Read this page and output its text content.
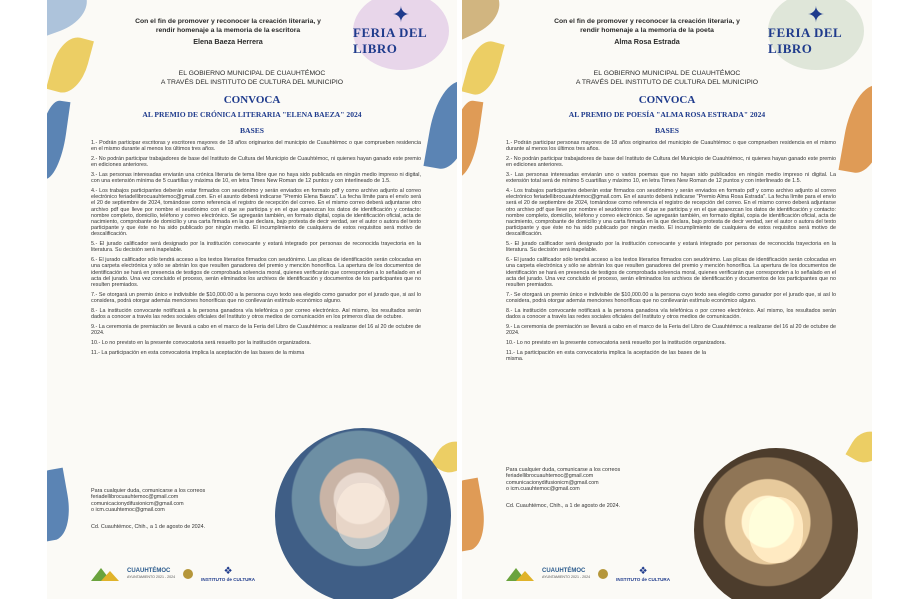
Con el fin de promover y reconocer la creación literaria, y rendir homenaje a la memoria de la escritora
Elena Baeza Herrera
✦
FERIA DEL LIBRO
EL GOBIERNO MUNICIPAL DE CUAUHTÉMOC
A TRAVÉS DEL INSTITUTO DE CULTURA DEL MUNICIPIO
CONVOCA
AL PREMIO DE CRÓNICA LITERARIA "ELENA BAEZA" 2024
BASES

1.- Podrán participar escritoras y escritores mayores de 18 años originarios del municipio de Cuauhtémoc o que comprueben residencia en el mismo durante al menos los últimos tres años.

2.- No podrán participar trabajadores de base del Instituto de Cultura del Municipio de Cuauhtémoc, ni quienes hayan ganado este premio en ediciones anteriores.

3.- Las personas interesadas enviarán una crónica literaria de tema libre que no haya sido publicada en ningún medio impreso ni digital, con una extensión mínima de 5 cuartillas y máxima de 10, en letra Times New Roman de 12 puntos y con interlineado de 1.5.

4.- Los trabajos participantes deberán estar firmados con seudónimo y serán enviados en formato pdf y como archivo adjunto al correo electrónico feriadellibrocuauhtemoc@gmail.com. En el asunto deberá indicarse "Premio Elena Baeza". La fecha límite para el envío será el 20 de septiembre de 2024, tomándose como referencia el registro de recepción del correo. En el mismo correo deberá adjuntarse otro archivo pdf que lleve por nombre el seudónimo con el que se participa y en el que aparezcan los datos de identificación y contacto: nombre completo, domicilio, teléfono y correo electrónico. Se agregarán también, en formato digital, copia de identificación oficial, acta de nacimiento, comprobante de domicilio y una carta firmada en la que declara, bajo protesta de decir verdad, ser el autor o autora del texto participante y que éste no ha sido publicado por ningún medio. El incumplimiento de cualquiera de estos requisitos será motivo de descalificación.

5.- El jurado calificador será designado por la institución convocante y estará integrado por personas de reconocida trayectoria en la literatura. Su decisión será inapelable.

6.- El jurado calificador sólo tendrá acceso a los textos literarios firmados con seudónimo. Las plicas de identificación serán colocadas en una carpeta electrónica y sólo se abrirán los que resulten ganadores del premio y mención honorífica. La apertura de los documentos de identificación se hará en presencia de testigos de comprobada solvencia moral, quienes verificarán que corresponden a lo señalado en el acta del jurado. Una vez concluido el proceso, serán eliminados los archivos de identificación y documentos de los participantes que no resulten premiados.

7.- Se otorgará un premio único e indivisible de $10,000.00 a la persona cuyo texto sea elegido como ganador por el jurado que, si así lo considera, podrá otorgar además menciones honoríficas que no conllevarán estímulo económico alguno.

8.- La institución convocante notificará a la persona ganadora vía telefónica o por correo electrónico. Así mismo, los resultados serán dados a conocer a través las redes sociales oficiales del Instituto y otros medios de comunicación en los primeros días de octubre.

9.- La ceremonia de premiación se llevará a cabo en el marco de la Feria del Libro de Cuauhtémoc a realizarse del 16 al 20 de octubre de 2024.

10.- Lo no previsto en la presente convocatoria será resuelto por la institución organizadora.

11.- La participación en esta convocatoria implica la aceptación de las bases de la misma

Para cualquier duda, comunicarse a los correos
feriadellibrocuauhtemoc@gmail.com
comunicacionydifusionicm@gmail.com
o icm.cuauhtemoc@gmail.com
Cd. Cuauhtémoc, Chih., a 1 de agosto de 2024.
CUAUHTÉMOC
AYUNTAMIENTO 2021 - 2024
❖
INSTITUTO de CULTURA
Con el fin de promover y reconocer la creación literaria, y rendir homenaje a la memoria de la poeta
Alma Rosa Estrada
✦
FERIA DEL LIBRO
EL GOBIERNO MUNICIPAL DE CUAUHTÉMOC
A TRAVÉS DEL INSTITUTO DE CULTURA DEL MUNICIPIO
CONVOCA
AL PREMIO DE POESÍA "ALMA ROSA ESTRADA" 2024
BASES

1.- Podrán participar personas mayores de 18 años originarios del municipio de Cuauhtémoc o que comprueben residencia en el mismo durante al menos los últimos tres años.

2.- No podrán participar trabajadores de base del Instituto de Cultura del Municipio de Cuauhtémoc, ni quienes hayan ganado este premio en ediciones anteriores.

3.- Las personas interesadas enviarán uno o varios poemas que no hayan sido publicados en ningún medio impreso ni digital. La extensión total será de mínimo 5 cuartillas y máximo 10, en letra Times New Roman de 12 puntos y con interlineado de 1.5.

4.- Los trabajos participantes deberán estar firmados con seudónimo y serán enviados en formato pdf y como archivo adjunto al correo electrónico feriadellibrocuauhtemoc@gmail.com. En el asunto deberá indicarse "Premio Alma Rosa Estrada". La fecha límite para el envío será el 20 de septiembre de 2024, tomándose como referencia el registro de recepción del correo. En el mismo correo deberá adjuntarse otro archivo pdf que lleve por nombre el seudónimo con el que se participa y en el que aparezcan los datos de identificación y contacto: nombre completo, domicilio, teléfono y correo electrónico. Se agregarán también, en formato digital, copia de identificación oficial, acta de nacimiento, comprobante de domicilio y una carta firmada en la que declara, bajo protesta de decir verdad, ser el autor o autora del texto participante y que éste no ha sido publicado por ningún medio. El incumplimiento de cualquiera de estos requisitos será motivo de descalificación.

5.- El jurado calificador será designado por la institución convocante y estará integrado por personas de reconocida trayectoria en la literatura. Su decisión será inapelable.

6.- El jurado calificador sólo tendrá acceso a los textos literarios firmados con seudónimo. Las plicas de identificación serán colocadas en una carpeta electrónica y sólo se abrirán los que resulten ganadores del premio y mención honorífica. La apertura de los documentos de identificación se hará en presencia de testigos de comprobada solvencia moral, quienes verificarán que corresponden a lo señalado en el acta del jurado. Una vez concluido el proceso, serán eliminados los archivos de identificación y documentos de los participantes que no resulten premiados.

7.- Se otorgará un premio único e indivisible de $10,000.00 a la persona cuyo texto sea elegido como ganador por el jurado que, si así lo considera, podrá otorgar además menciones honoríficas que no conllevarán estímulo económico alguno.

8.- La institución convocante notificará a la persona ganadora vía telefónica o por correo electrónico. Así mismo, los resultados serán dados a conocer a través las redes sociales oficiales del Instituto y otros medios de comunicación.

9.- La ceremonia de premiación se llevará a cabo en el marco de la Feria del Libro de Cuauhtémoc a realizarse del 16 al 20 de octubre de 2024.

10.- Lo no previsto en la presente convocatoria será resuelto por la institución organizadora.

11.- La participación en esta convocatoria implica la aceptación de las bases de la misma.

Para cualquier duda, comunicarse a los correos
feriadellibrocuauhtemoc@gmail.com
comunicacionydifusionicm@gmail.com
o icm.cuauhtemoc@gmail.com
Cd. Cuauhtémoc, Chih., a 1 de agosto de 2024.
CUAUHTÉMOC
AYUNTAMIENTO 2021 - 2024
❖
INSTITUTO de CULTURA
